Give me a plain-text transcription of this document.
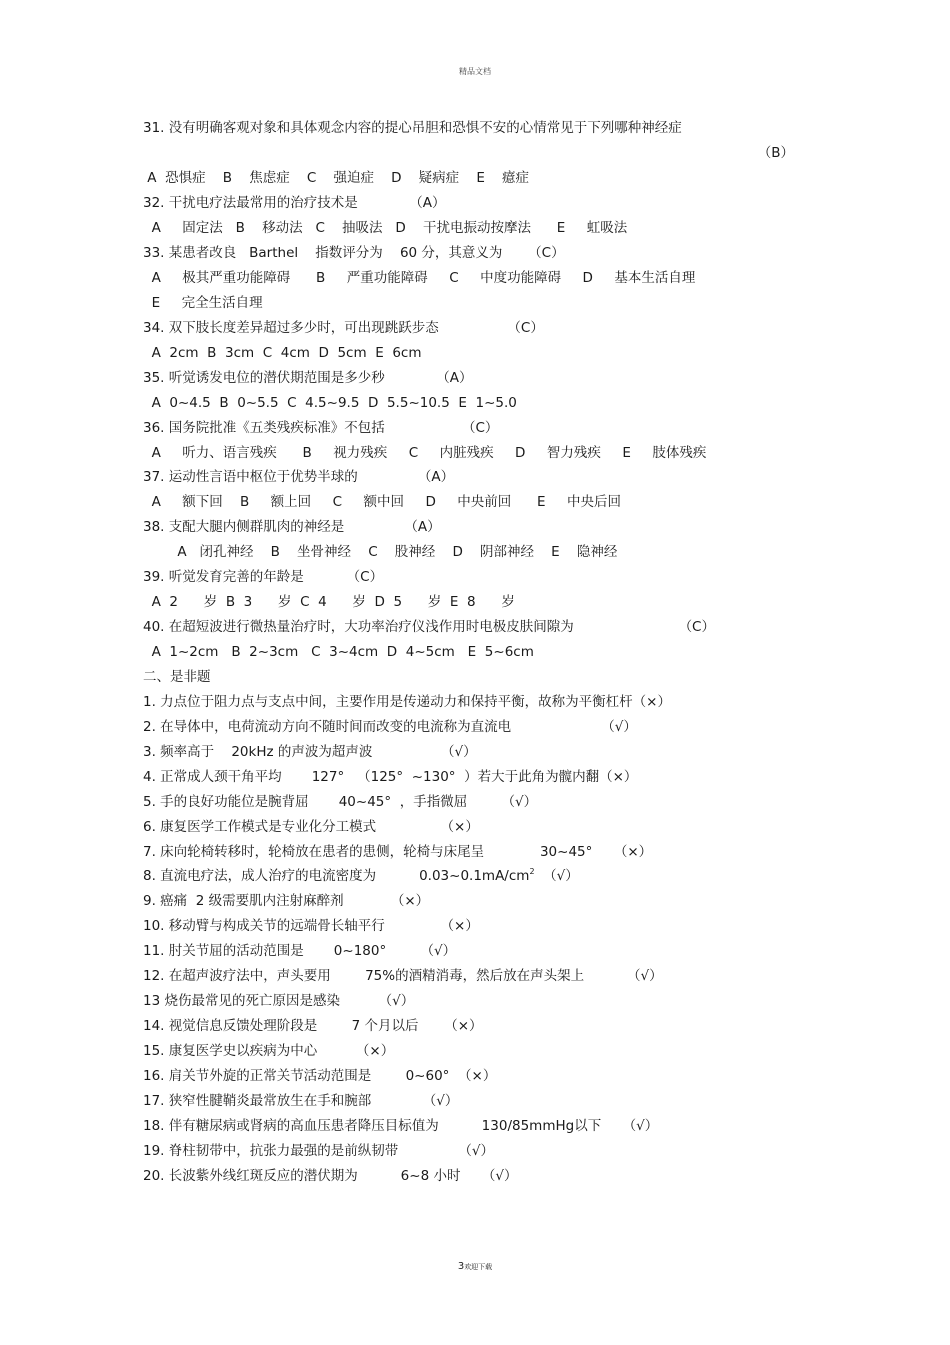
精品文档
31. 没有明确客观对象和具体观念内容的提心吊胆和恐惧不安的心情常见于下列哪种神经症
（B）
A  恐惧症    B    焦虑症    C    强迫症    D    疑病症    E    癔症
32. 干扰电疗法最常用的治疗技术是            （A）
A     固定法   B    移动法   C    抽吸法   D    干扰电振动按摩法      E     虹吸法
33. 某患者改良   Barthel    指数评分为    60 分，其意义为      （C）
A     极其严重功能障碍      B     严重功能障碍     C     中度功能障碍     D     基本生活自理
E     完全生活自理
34. 双下肢长度差异超过多少时，可出现跳跃步态                （C）
A  2cm  B  3cm  C  4cm  D  5cm  E  6cm
35. 听觉诱发电位的潜伏期范围是多少秒            （A）
A  0~4.5  B  0~5.5  C  4.5~9.5  D  5.5~10.5  E  1~5.0
36. 国务院批准《五类残疾标准》不包括                  （C）
A     听力、语言残疾      B     视力残疾     C     内脏残疾     D     智力残疾     E     肢体残疾
37. 运动性言语中枢位于优势半球的              （A）
A     额下回    B     额上回     C     额中回     D     中央前回      E     中央后回
38. 支配大腿内侧群肌肉的神经是              （A）
A   闭孔神经    B    坐骨神经    C    股神经    D    阴部神经    E    隐神经
39. 听觉发育完善的年龄是          （C）
A  2      岁  B  3      岁  C  4      岁  D  5      岁  E  8      岁
40. 在超短波进行微热量治疗时，大功率治疗仪浅作用时电极皮肤间隙为	（C）
A  1~2cm   B  2~3cm   C  3~4cm  D  4~5cm   E  5~6cm
二、是非题
1. 力点位于阻力点与支点中间，主要作用是传递动力和保持平衡，故称为平衡杠杆（×）
2. 在导体中，电荷流动方向不随时间而改变的电流称为直流电                     （√）
3. 频率高于    20kHz 的声波为超声波                （√）
4. 正常成人颈干角平均       127°   （125°  ~130°  ）若大于此角为髋内翻（×）
5. 手的良好功能位是腕背屈       40~45°  ，手指微屈        （√）
6. 康复医学工作模式是专业化分工模式               （×）
7. 床向轮椅转移时，轮椅放在患者的患侧，轮椅与床尾呈             30~45°     （×）
8. 直流电疗法，成人治疗的电流密度为          $0.03\sim 0.1mA/cm^2$  （√）
9. 癌痛  2 级需要肌内注射麻醉剂           （×）
10. 移动臂与构成关节的远端骨长轴平行             （×）
11. 肘关节屈的活动范围是       0~180°        （√）
12. 在超声波疗法中，声头要用        75%的酒精消毒，然后放在声头架上          （√）
13 烧伤最常见的死亡原因是感染         （√）
14. 视觉信息反馈处理阶段是        7 个月以后      （×）
15. 康复医学史以疾病为中心         （×）
16. 肩关节外旋的正常关节活动范围是        0~60°  （×）
17. 狭窄性腱鞘炎最常放生在手和腕部            （√）
18. 伴有糖尿病或肾病的高血压患者降压目标值为          130/85mmHg以下     （√）
19. 脊柱韧带中，抗张力最强的是前纵韧带              （√）
20. 长波紫外线红斑反应的潜伏期为          6~8 小时     （√）
3欢迎下载
